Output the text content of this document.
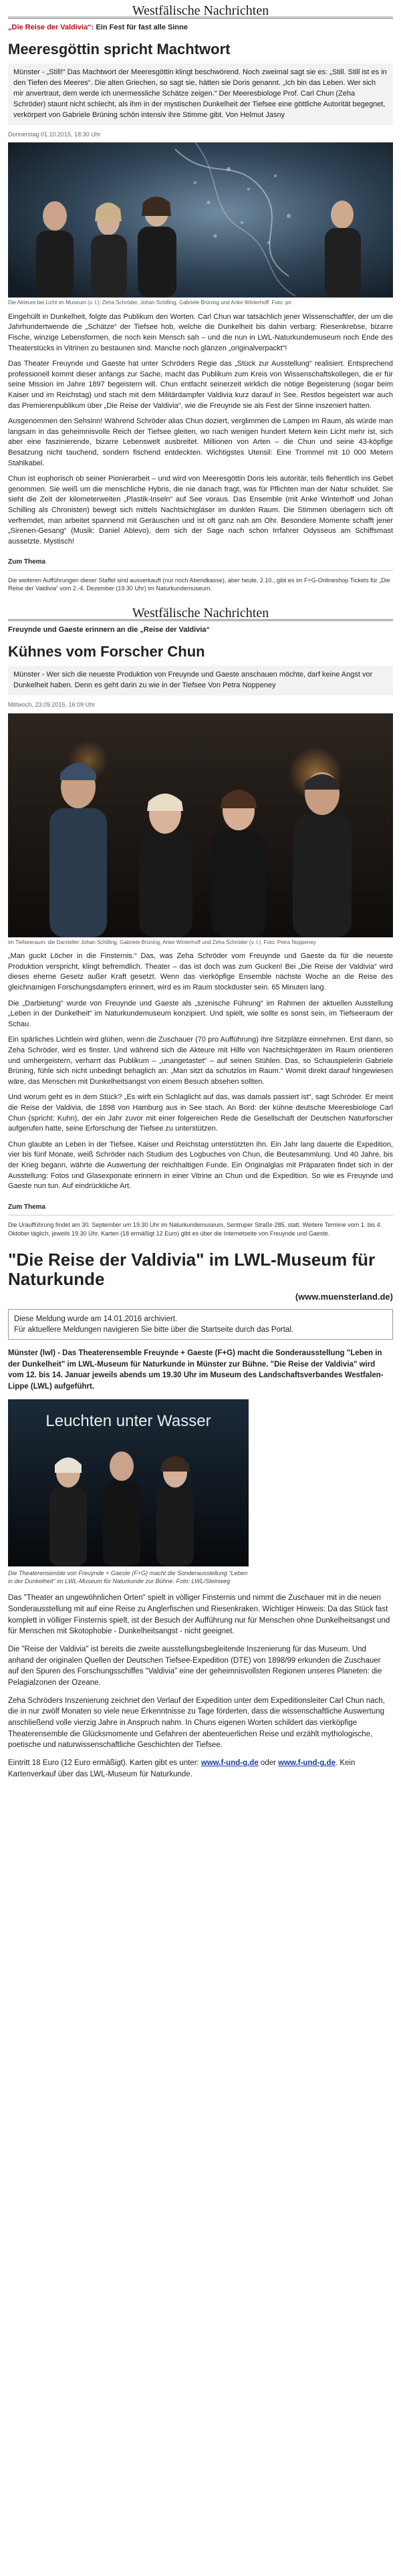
Westfälische Nachrichten
„Die Reise der Valdivia“: Ein Fest für fast alle Sinne
Meeresgöttin spricht Machtwort
Münster - „Still!“ Das Machtwort der Meeresgöttin klingt beschwörend. Noch zweimal sagt sie es: „Still. Still ist es in den Tiefen des Meeres“. Die alten Griechen, so sagt sie, hätten sie Doris genannt. „Ich bin das Leben. Wer sich mir anvertraut, dem werde ich unermessliche Schätze zeigen.“ Der Meeresbiologe Prof. Carl Chun (Zeha Schröder) staunt nicht schlecht, als ihm in der mystischen Dunkelheit der Tiefsee eine göttliche Autorität begegnet, verkörpert von Gabriele Brüning schön intensiv ihre Stimme gibt. Von Helmut Jasny
Donnerstag 01.10.2015, 18:30 Uhr
Die Akteure bei Licht im Museum (v. l.): Zeha Schröder, Johan Schilling, Gabriele Brüning und Anke Winterhoff. Foto: pn

Eingehüllt in Dunkelheit, folgte das Publikum den Worten. Carl Chun war tatsächlich jener Wissenschaftler, der um die Jahrhundertwende die „Schätze“ der Tiefsee hob, welche die Dunkelheit bis dahin verbarg: Riesenkrebse, bizarre Fische, winzige Lebensformen, die noch kein Mensch sah – und die nun in LWL-Naturkundemuseum noch Ende des Theaterstücks in Vitrinen zu bestaunen sind. Manche noch glänzen „originalverpackt“!

Das Theater Freuynde und Gaeste hat unter Schröders Regie das „Stück zur Ausstellung“ realisiert. Entsprechend professionell kommt dieser anfangs zur Sache, macht das Publikum zum Kreis von Wissenschaftskollegen, die er für seine Mission im Jahre 1897 begeistern will. Chun entfacht seinerzeit wirklich die nötige Begeisterung (sogar beim Kaiser und im Reichstag) und stach mit dem Militärdampfer Valdivia kurz darauf in See. Restlos begeistert war auch das Premierenpublikum über „Die Reise der Valdivia“, wie die Freuynde sie als Fest der Sinne inszeniert hatten.

Ausgenommen den Sehsinn! Während Schröder alias Chun doziert, verglimmen die Lampen im Raum, als würde man langsam in das geheimnisvolle Reich der Tiefsee gleiten, wo nach wenigen hundert Metern kein Licht mehr ist, sich aber eine faszinierende, bizarre Lebenswelt ausbreitet. Millionen von Arten – die Chun und seine 43-köpfige Besatzung nicht tauchend, sondern fischend entdeckten. Wichtigstes Utensil: Eine Trommel mit 10 000 Metern Stahlkabel.

Chun ist euphorisch ob seiner Pionierarbeit – und wird von Meeresgöttin Doris leis autoritär, teils flehentlich ins Gebet genommen. Sie weiß um die menschliche Hybris, die nie danach fragt, was für Pflichten man der Natur schuldet. Sie sieht die Zeit der kilometerweiten „Plastik-Inseln“ auf See voraus. Das Ensemble (mit Anke Winterhoff und Johan Schilling als Chronisten) bewegt sich mittels Nachtsichtgläser im dunklen Raum. Die Stimmen überlagern sich oft verfremdet, man arbeitet spannend mit Geräuschen und ist oft ganz nah am Ohr. Besondere Momente schafft jener „Sirenen-Gesang“ (Musik: Daniel Ablevo), dem sich der Sage nach schon Irrfahrer Odysseus am Schiffsmast aussetzte. Mystisch!

Zum Thema
Die weiteren Aufführungen dieser Staffel sind ausverkauft (nur noch Abendkasse), aber heute, 2.10., gibt es im F+G-Onlineshop Tickets für „Die Reise der Valdivia“ vom 2.-4. Dezember (19.30 Uhr) im Naturkundemuseum.
Westfälische Nachrichten
Freuynde und Gaeste erinnern an die „Reise der Valdivia“
Kühnes vom Forscher Chun
Münster - Wer sich die neueste Produktion von Freuynde und Gaeste anschauen möchte, darf keine Angst vor Dunkelheit haben. Denn es geht darin zu wie in der Tiefsee Von Petra Noppeney
Mittwoch, 23.09.2015, 16:09 Uhr
Im Tiefseeraum: die Darsteller Johan Schilling, Gabriele Brüning, Anke Winterhoff und Zeha Schröder (v. l.). Foto: Petra Noppeney

„Man guckt Löcher in die Finsternis.“ Das, was Zeha Schröder vom Freuynde und Gaeste da für die neueste Produktion verspricht, klingt befremdlich. Theater – das ist doch was zum Gucken! Bei „Die Reise der Valdivia“ wird dieses eherne Gesetz außer Kraft gesetzt. Wenn das vierköpfige Ensemble nächste Woche an die Reise des gleichnamigen Forschungsdampfers erinnert, wird es im Raum stockduster sein. 65 Minuten lang.

Die „Darbietung“ wurde von Freuynde und Gaeste als „szenische Führung“ im Rahmen der aktuellen Ausstellung „Leben in der Dunkelheit“ im Naturkundemuseum konzipiert. Und spielt, wie sollte es sonst sein, im Tiefseeraum der Schau.

Ein spärliches Lichtlein wird glühen, wenn die Zuschauer (70 pro Aufführung) ihre Sitzplätze einnehmen. Erst dann, so Zeha Schröder, wird es finster. Und während sich die Akteure mit Hilfe von Nachtsichtgeräten im Raum orientieren und umhergeistern, verharrt das Publikum – „unangetastet“ – auf seinen Stühlen. Das, so Schauspielerin Gabriele Brüning, fühle sich nicht unbedingt behaglich an: „Man sitzt da schutzlos im Raum.“ Womit direkt darauf hingewiesen wäre, das Menschen mit Dunkelheitsangst von einem Besuch absehen sollten.

Und worum geht es in dem Stück? „Es wirft ein Schlaglicht auf das, was damals passiert ist“, sagt Schröder. Er meint die Reise der Valdivia, die 1898 von Hamburg aus in See stach. An Bord: der kühne deutsche Meeresbiologe Carl Chun (spricht: Kuhn), der ein Jahr zuvor mit einer folgereichen Rede die Gesellschaft der Deutschen Naturforscher aufgerufen hatte, seine Erforschung der Tiefsee zu unterstützen.

Chun glaubte an Leben in der Tiefsee, Kaiser und Reichstag unterstützten ihn. Ein Jahr lang dauerte die Expedition, vier bis fünf Monate, weiß Schröder nach Studium des Logbuches von Chun, die Beutesammlung. Und 40 Jahre, bis der Krieg begann, währte die Auswertung der reichhaltigen Funde. Ein Originalglas mit Präparaten findet sich in der Ausstellung: Fotos und Glasexponate erinnern in einer Vitrine an Chun und die Expedition. So wie es Freuynde und Gaeste nun tun. Auf eindrückliche Art.

Zum Thema
Die Uraufführung findet am 30. September um 19.30 Uhr im Naturkundemuseum, Sentruper Straße 285, statt. Weitere Termine vom 1. bis 4. Oktober täglich, jeweils 19.30 Uhr. Karten (18 ermäßigt 12 Euro) gibt es über die Internetseite von Freuynde und Gaeste.
"Die Reise der Valdivia" im LWL-Museum für Naturkunde
(www.muensterland.de)
Diese Meldung wurde am 14.01.2016 archiviert.
Für aktuellere Meldungen navigieren Sie bitte über die Startseite durch das Portal.
Münster (lwl) - Das Theaterensemble Freuynde + Gaeste (F+G) macht die Sonderausstellung "Leben in der Dunkelheit" im LWL-Museum für Naturkunde in Münster zur Bühne. "Die Reise der Valdivia" wird vom 12. bis 14. Januar jeweils abends um 19.30 Uhr im Museum des Landschaftsverbandes Westfalen-Lippe (LWL) aufgeführt.
Leuchten unter Wasser
Die Theaterensemble von Freuynde + Gaeste (F+G) macht die Sonderausstellung "Leben in der Dunkelheit" im LWL-Museum für Naturkunde zur Bühne. Foto: LWL/Steinweg

Das "Theater an ungewöhnlichen Orten" spielt in völliger Finsternis und nimmt die Zuschauer mit in die neuen Sonderausstellung mit auf eine Reise zu Anglerfischen und Riesenkraken. Wichtiger Hinweis: Da das Stück fast komplett in völliger Finsternis spielt, ist der Besuch der Aufführung nur für Menschen ohne Dunkelheitsangst und für Menschen mit Skotophobie - Dunkelheitsangst - nicht geeignet.

Die "Reise der Valdivia" ist bereits die zweite ausstellungsbegleitende Inszenierung für das Museum. Und anhand der originalen Quellen der Deutschen Tiefsee-Expedition (DTE) von 1898/99 erkunden die Zuschauer auf den Spuren des Forschungsschiffes "Valdivia" eine der geheimnisvollsten Regionen unseres Planeten: die Pelagialzonen der Ozeane.

Zeha Schröders Inszenierung zeichnet den Verlauf der Expedition unter dem Expeditionsleiter Carl Chun nach, die in nur zwölf Monaten so viele neue Erkenntnisse zu Tage förderten, dass die wissenschaftliche Auswertung anschließend volle vierzig Jahre in Anspruch nahm. In Chuns eigenen Worten schildert das vierköpfige Theaterensemble die Glücksmomente und Gefahren der abenteuerlichen Reise und erzählt mythologische, poetische und naturwissenschaftliche Geschichten der Tiefsee.

Eintritt 18 Euro (12 Euro ermäßigt). Karten gibt es unter: www.f-und-g.de oder www.f-und-g.de. Kein Kartenverkauf über das LWL-Museum für Naturkunde.
